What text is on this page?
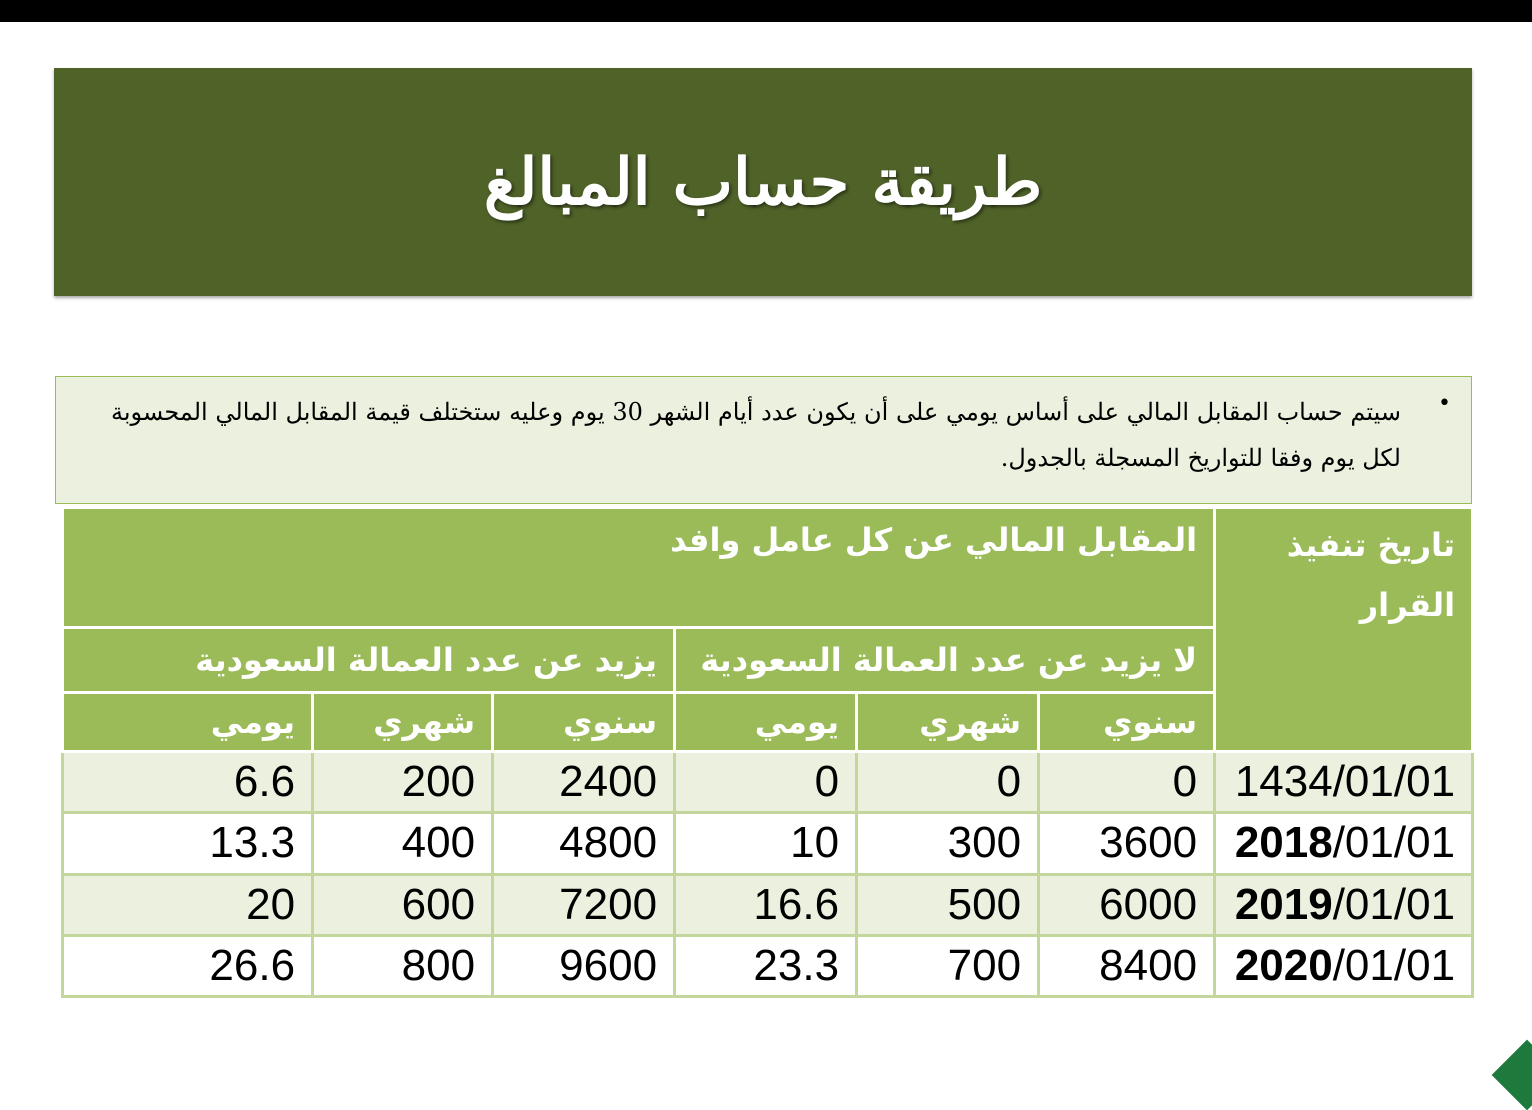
طريقة حساب المبالغ
•

سيتم حساب المقابل المالي على أساس يومي على أن يكون عدد أيام الشهر 30 يوم وعليه ستختلف قيمة المقابل المالي المحسوبة لكل يوم وفقا للتواريخ المسجلة بالجدول.

تاريخ تنفيذ القرار	المقابل المالي عن كل عامل وافد					
	لا يزيد عن عدد العمالة السعودية			يزيد عن عدد العمالة السعودية		
	سنوي	شهري	يومي	سنوي	شهري	يومي
1434/01/01	0	0	0	2400	200	6.6
2018/01/01	3600	300	10	4800	400	13.3
2019/01/01	6000	500	16.6	7200	600	20
2020/01/01	8400	700	23.3	9600	800	26.6
